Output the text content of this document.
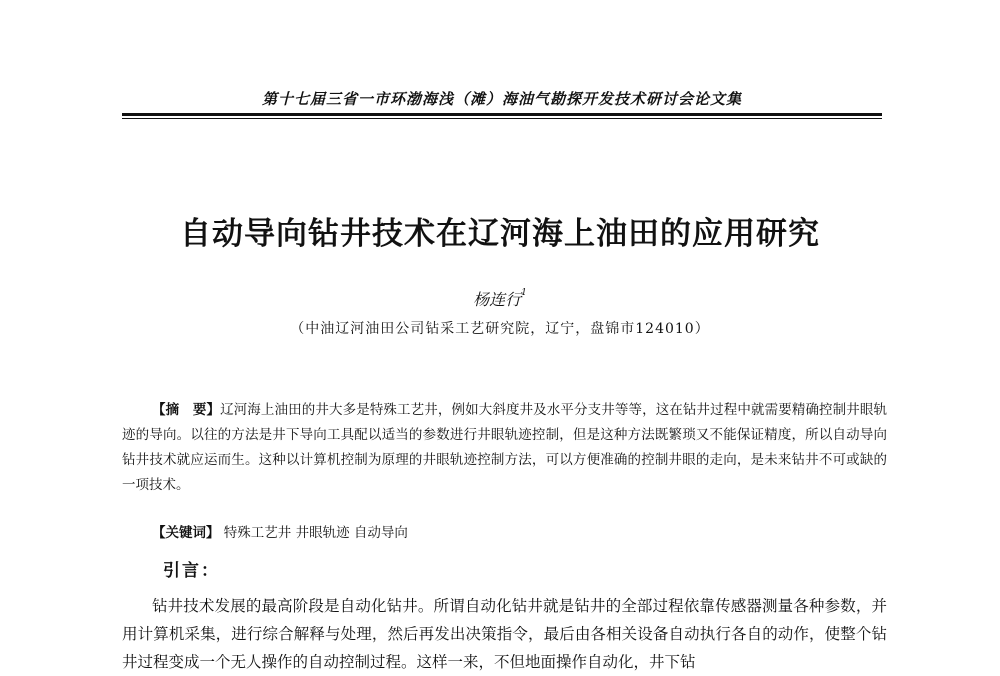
第十七届三省一市环渤海浅（滩）海油气勘探开发技术研讨会论文集
自动导向钻井技术在辽河海上油田的应用研究
杨连行$^1$
（中油辽河油田公司钻采工艺研究院，辽宁，盘锦市124010）
【摘　要】辽河海上油田的井大多是特殊工艺井，例如大斜度井及水平分支井等等，这在钻井过程中就需要精确控制井眼轨迹的导向。以往的方法是井下导向工具配以适当的参数进行井眼轨迹控制，但是这种方法既繁琐又不能保证精度，所以自动导向钻井技术就应运而生。这种以计算机控制为原理的井眼轨迹控制方法，可以方便准确的控制井眼的走向，是未来钻井不可或缺的一项技术。
【关键词】 特殊工艺井 井眼轨迹 自动导向
引言：
钻井技术发展的最高阶段是自动化钻井。所谓自动化钻井就是钻井的全部过程依靠传感器测量各种参数，并用计算机采集，进行综合解释与处理，然后再发出决策指令，最后由各相关设备自动执行各自的动作，使整个钻井过程变成一个无人操作的自动控制过程。这样一来，不但地面操作自动化，井下钻
